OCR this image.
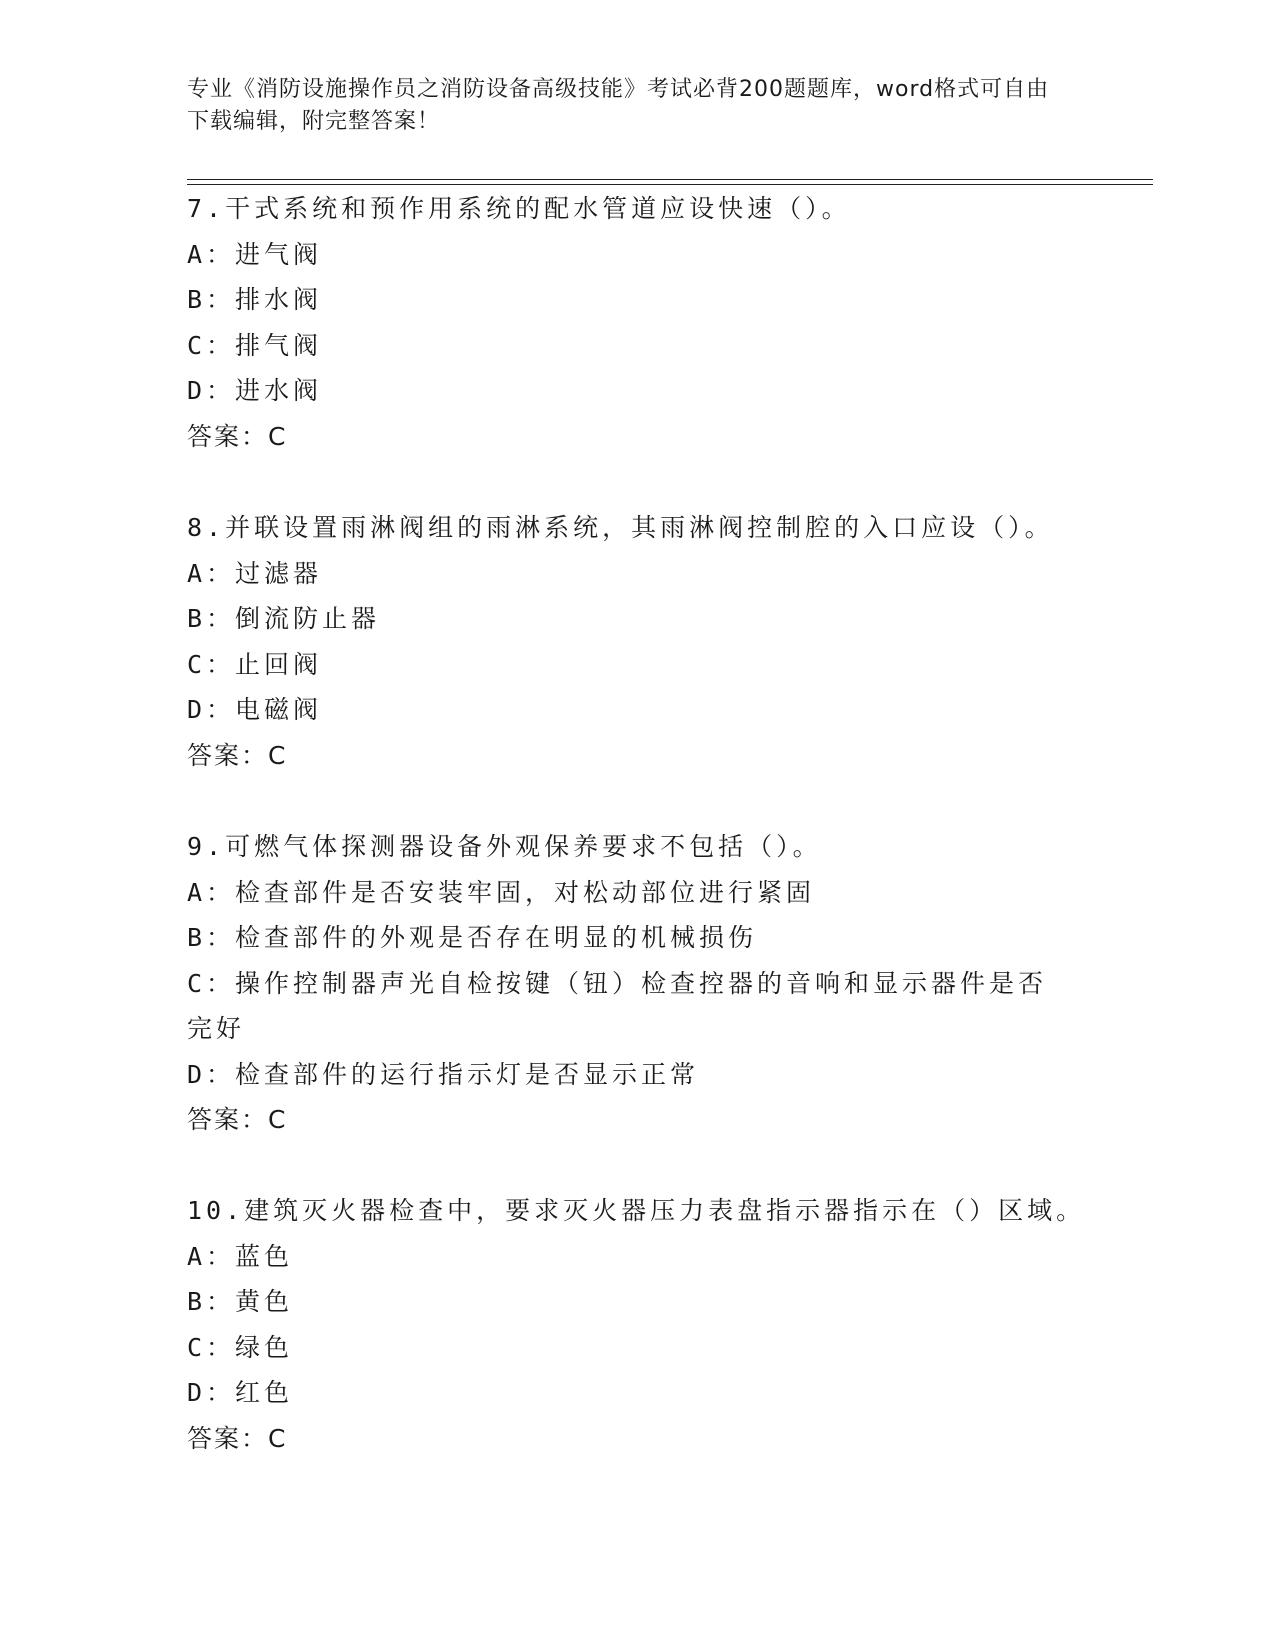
专业《消防设施操作员之消防设备高级技能》考试必背200题题库，word格式可自由下载编辑，附完整答案！
7.干式系统和预作用系统的配水管道应设快速（）。
A：进气阀
B：排水阀
C：排气阀
D：进水阀
答案：C
8.并联设置雨淋阀组的雨淋系统，其雨淋阀控制腔的入口应设（）。
A：过滤器
B：倒流防止器
C：止回阀
D：电磁阀
答案：C
9.可燃气体探测器设备外观保养要求不包括（）。
A：检查部件是否安装牢固，对松动部位进行紧固
B：检查部件的外观是否存在明显的机械损伤
C：操作控制器声光自检按键（钮）检查控器的音响和显示器件是否完好
D：检查部件的运行指示灯是否显示正常
答案：C
10.建筑灭火器检查中，要求灭火器压力表盘指示器指示在（）区域。
A：蓝色
B：黄色
C：绿色
D：红色
答案：C
